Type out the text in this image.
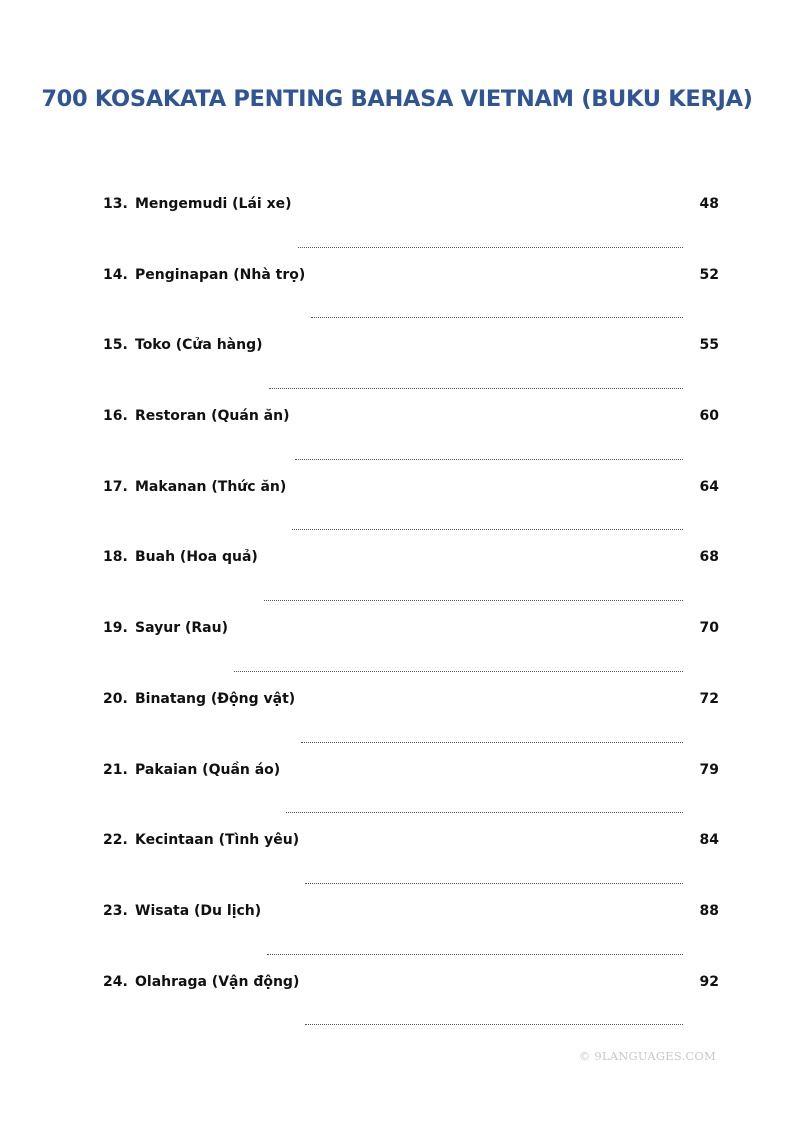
700 KOSAKATA PENTING BAHASA VIETNAM (BUKU KERJA)
13. Mengemudi (Lái xe)	48
14. Penginapan (Nhà trọ)	52
15. Toko (Cửa hàng)	55
16. Restoran (Quán ăn)	60
17. Makanan (Thức ăn)	64
18. Buah (Hoa quả)	68
19. Sayur (Rau)	70
20. Binatang (Động vật)	72
21. Pakaian (Quần áo)	79
22. Kecintaan (Tình yêu)	84
23. Wisata (Du lịch)	88
24. Olahraga (Vận động)	92
© 9LANGUAGES.COM
